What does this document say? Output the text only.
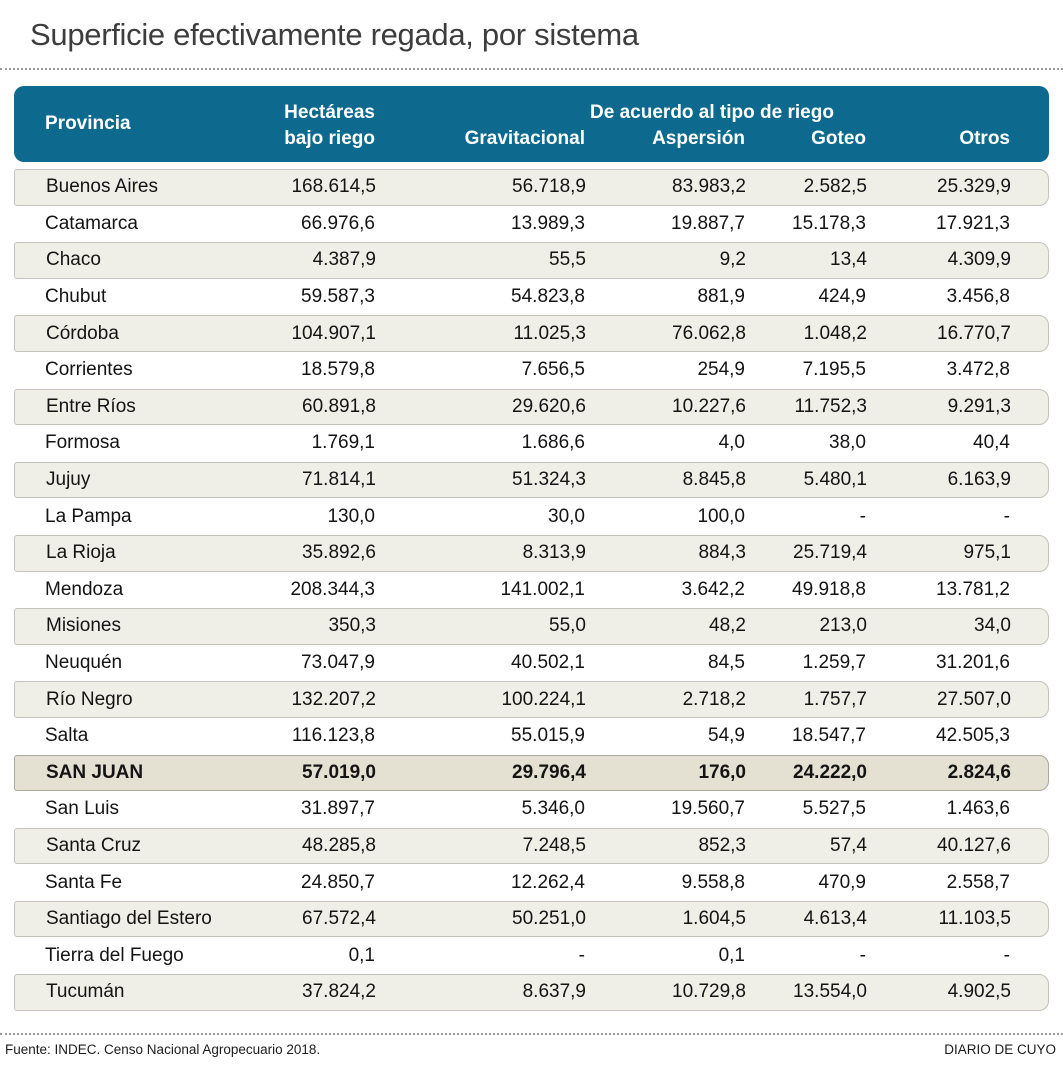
Superficie efectivamente regada, por sistema
Provincia
Hectáreas
bajo riego
De acuerdo al tipo de riego
Gravitacional	Aspersión	Goteo	Otros
Buenos Aires	168.614,5	56.718,9	83.983,2	2.582,5	25.329,9
Catamarca	66.976,6	13.989,3	19.887,7	15.178,3	17.921,3
Chaco	4.387,9	55,5	9,2	13,4	4.309,9
Chubut	59.587,3	54.823,8	881,9	424,9	3.456,8
Córdoba	104.907,1	11.025,3	76.062,8	1.048,2	16.770,7
Corrientes	18.579,8	7.656,5	254,9	7.195,5	3.472,8
Entre Ríos	60.891,8	29.620,6	10.227,6	11.752,3	9.291,3
Formosa	1.769,1	1.686,6	4,0	38,0	40,4
Jujuy	71.814,1	51.324,3	8.845,8	5.480,1	6.163,9
La Pampa	130,0	30,0	100,0	-	-
La Rioja	35.892,6	8.313,9	884,3	25.719,4	975,1
Mendoza	208.344,3	141.002,1	3.642,2	49.918,8	13.781,2
Misiones	350,3	55,0	48,2	213,0	34,0
Neuquén	73.047,9	40.502,1	84,5	1.259,7	31.201,6
Río Negro	132.207,2	100.224,1	2.718,2	1.757,7	27.507,0
Salta	116.123,8	55.015,9	54,9	18.547,7	42.505,3
SAN JUAN	57.019,0	29.796,4	176,0	24.222,0	2.824,6
San Luis	31.897,7	5.346,0	19.560,7	5.527,5	1.463,6
Santa Cruz	48.285,8	7.248,5	852,3	57,4	40.127,6
Santa Fe	24.850,7	12.262,4	9.558,8	470,9	2.558,7
Santiago del Estero	67.572,4	50.251,0	1.604,5	4.613,4	11.103,5
Tierra del Fuego	0,1	-	0,1	-	-
Tucumán	37.824,2	8.637,9	10.729,8	13.554,0	4.902,5
Fuente: INDEC. Censo Nacional Agropecuario 2018.	DIARIO DE CUYO
